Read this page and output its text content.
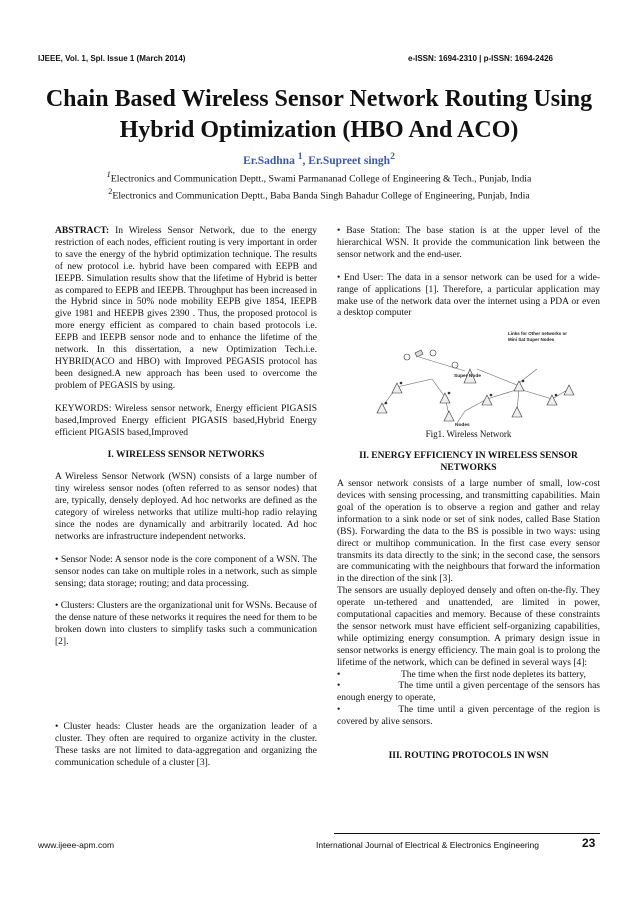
IJEEE, Vol. 1, Spl. Issue 1 (March 2014)	e-ISSN: 1694-2310 | p-ISSN: 1694-2426
Chain Based Wireless Sensor Network Routing Using Hybrid Optimization (HBO And ACO)
Er.Sadhna $^1$, Er.Supreet singh$^2$
$^1$Electronics and Communication Deptt., Swami Parmananad College of Engineering & Tech., Punjab, India
$^2$Electronics and Communication Deptt., Baba Banda Singh Bahadur College of Engineering, Punjab, India

ABSTRACT: In Wireless Sensor Network, due to the energy restriction of each nodes, efficient routing is very important in order to save the energy of the hybrid optimization technique. The results of new protocol i.e. hybrid have been compared with EEPB and IEEPB. Simulation results show that the lifetime of Hybrid is better as compared to EEPB and IEEPB. Throughput has been increased in the Hybrid since in 50% node mobility EEPB give 1854, IEEPB give 1981 and HEEPB gives 2390 . Thus, the proposed protocol is more energy efficient as compared to chain based protocols i.e. EEPB and IEEPB sensor node and to enhance the lifetime of the network. In this dissertation, a new Optimization Tech.i.e. HYBRID(ACO and HBO) with Improved PEGASIS protocol has been designed.A new approach has been used to overcome the problem of PEGASIS by using.

KEYWORDS: Wireless sensor network, Energy efficient PIGASIS based,Improved Energy efficient PIGASIS based,Hybrid Energy efficient PIGASIS based,Improved

I. WIRELESS SENSOR NETWORKS

A Wireless Sensor Network (WSN) consists of a large number of tiny wireless sensor nodes (often referred to as sensor nodes) that are, typically, densely deployed. Ad hoc networks are defined as the category of wireless networks that utilize multi-hop radio relaying since the nodes are dynamically and arbitrarily located. Ad hoc networks are infrastructure independent networks.

• Sensor Node: A sensor node is the core component of a WSN. The sensor nodes can take on multiple roles in a network, such as simple sensing; data storage; routing; and data processing.

• Clusters: Clusters are the organizational unit for WSNs. Because of the dense nature of these networks it requires the need for them to be broken down into clusters to simplify tasks such a communication [2].

• Cluster heads: Cluster heads are the organization leader of a cluster. They often are required to organize activity in the cluster. These tasks are not limited to data-aggregation and organizing the communication schedule of a cluster [3].

• Base Station: The base station is at the upper level of the hierarchical WSN. It provide the communication link between the sensor network and the end-user.

• End User: The data in a sensor network can be used for a wide-range of applications [1]. Therefore, a particular application may make use of the network data over the internet using a PDA or even a desktop computer

Links for Other networks or
Mini Sat Super Nodes
Super Node
Nodes
Fig1. Wireless Network
II. ENERGY EFFICIENCY IN WIRELESS SENSOR NETWORKS

A sensor network consists of a large number of small, low-cost devices with sensing processing, and transmitting capabilities. Main goal of the operation is to observe a region and gather and relay information to a sink node or set of sink nodes, called Base Station (BS). Forwarding the data to the BS is possible in two ways: using direct or multihop communication. In the first case every sensor transmits its data directly to the sink; in the second case, the sensors are communicating with the neighbours that forward the information in the direction of the sink [3].

The sensors are usually deployed densely and often on-the-fly. They operate un-tethered and unattended, are limited in power, computational capacities and memory. Because of these constraints the sensor network must have efficient self-organizing capabilities, while optimizing energy consumption. A primary design issue in sensor networks is energy efficiency. The main goal is to prolong the lifetime of the network, which can be defined in several ways [4]:

•	The time when the first node depletes its battery,
•	The time until a given percentage of the sensors has enough energy to operate,
•	The time until a given percentage of the region is covered by alive sensors.
III. ROUTING PROTOCOLS IN WSN
www.ijeee-apm.com	International Journal of Electrical & Electronics Engineering	23
